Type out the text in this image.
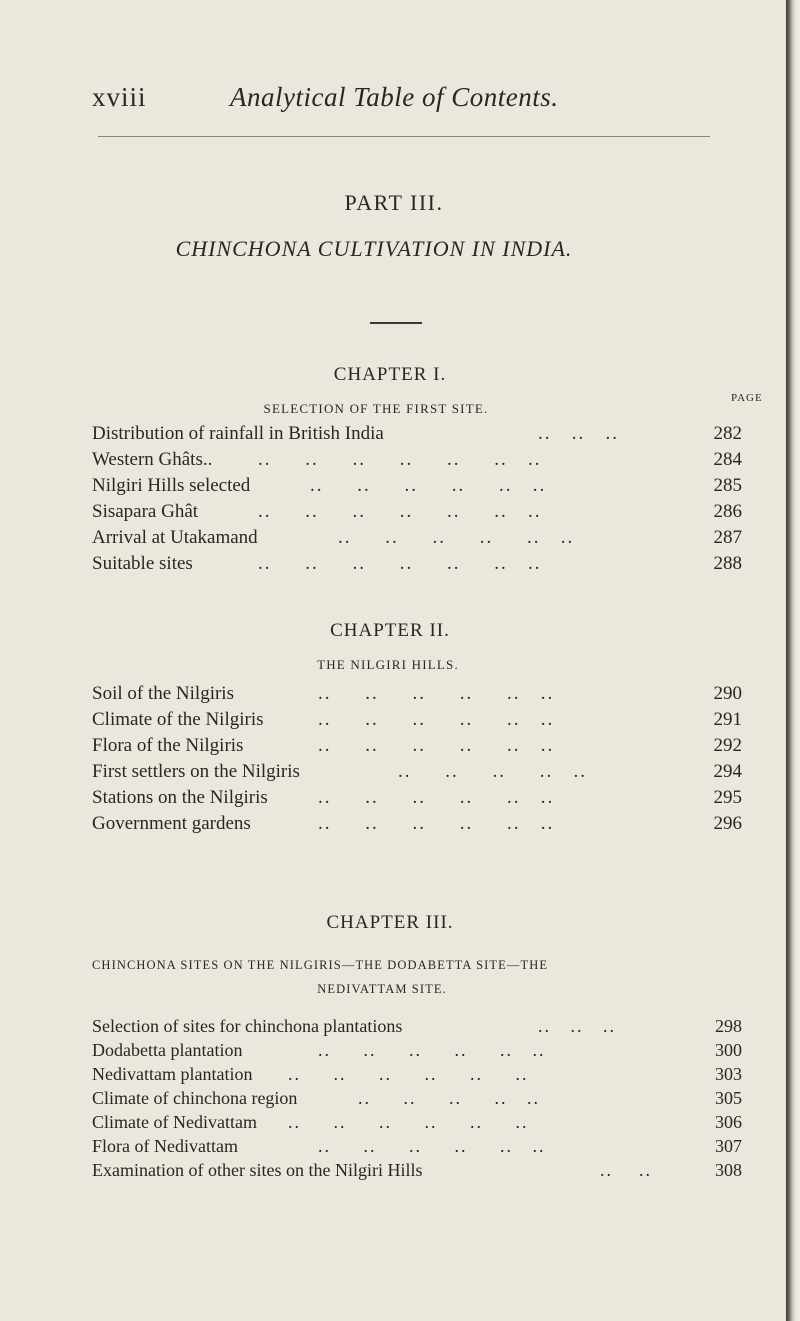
xviii	Analytical Table of Contents.
PART III.
CHINCHONA CULTIVATION IN INDIA.
CHAPTER I.
SELECTION OF THE FIRST SITE.
PAGE
Distribution of rainfall in British India	..   ..   ..	282
Western Ghâts.. ..     ..     ..     ..     ..     ..   ..	284
Nilgiri Hills selected	..     ..     ..     ..     ..   ..	285
Sisapara Ghât	..     ..     ..     ..     ..     ..   ..	286
Arrival at Utakamand	..     ..     ..     ..     ..   ..	287
Suitable sites	..     ..     ..     ..     ..     ..   ..	288
CHAPTER II.
THE NILGIRI HILLS.
Soil of the Nilgiris	..     ..     ..     ..     ..   ..	290
Climate of the Nilgiris	..     ..     ..     ..     ..   ..	291
Flora of the Nilgiris	..     ..     ..     ..     ..   ..	292
First settlers on the Nilgiris	..     ..     ..     ..   ..	294
Stations on the Nilgiris	..     ..     ..     ..     ..   ..	295
Government gardens	..     ..     ..     ..     ..   ..	296
CHAPTER III.
CHINCHONA SITES ON THE NILGIRIS—THE DODABETTA SITE—THE
NEDIVATTAM SITE.
Selection of sites for chinchona plantations	..   ..   ..	298
Dodabetta plantation	..     ..     ..     ..     ..   ..	300
Nedivattam plantation ..     ..     ..     ..     ..     ..	303
Climate of chinchona region	..     ..     ..     ..   ..	305
Climate of Nedivattam ..     ..     ..     ..     ..     ..	306
Flora of Nedivattam	..     ..     ..     ..     ..   ..	307
Examination of other sites on the Nilgiri Hills	..    ..	308
